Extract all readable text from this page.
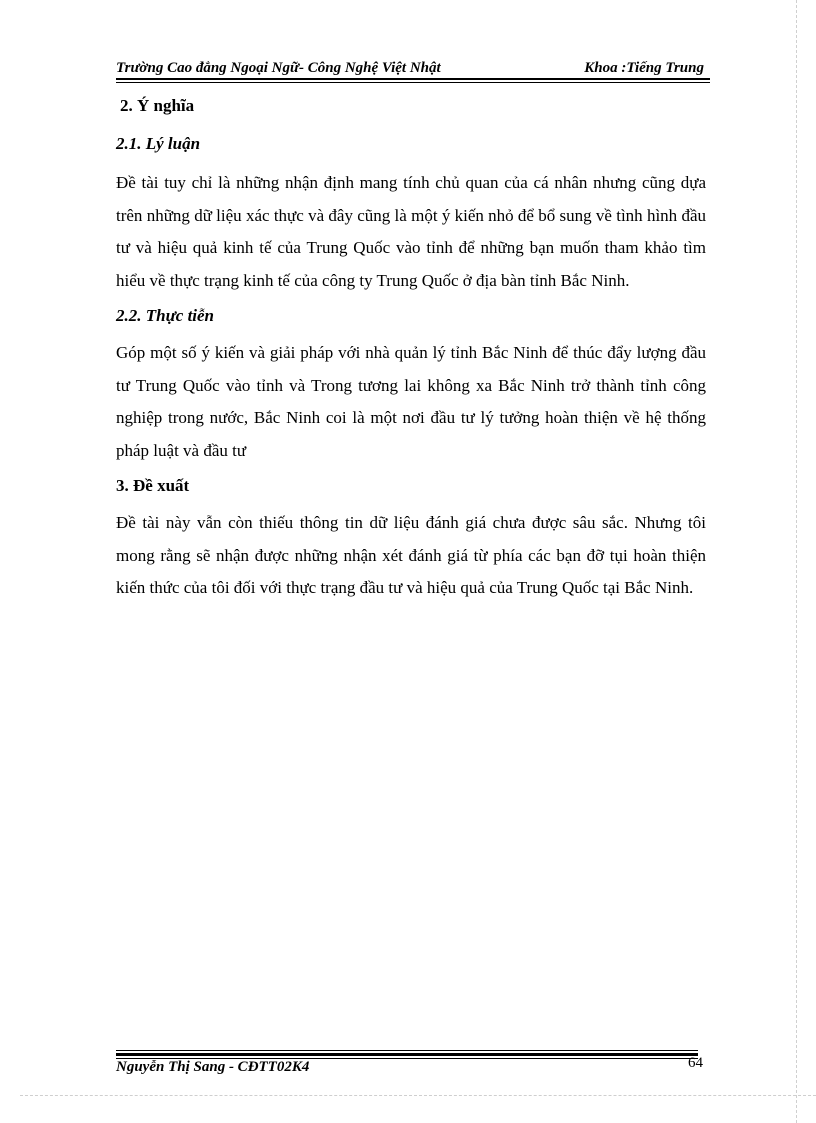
Trường Cao đẳng Ngoại Ngữ- Công Nghệ Việt Nhật	Khoa :Tiếng Trung

2. Ý nghĩa

2.1. Lý luận

Đề tài tuy chỉ là những nhận định mang tính chủ quan của cá nhân nhưng cũng dựa trên những dữ liệu xác thực và đây cũng là một ý kiến nhỏ để bổ sung về tình hình đầu tư và hiệu quả kinh tế của Trung Quốc vào tỉnh để những bạn muốn tham khảo tìm hiểu về thực trạng kinh tế của công ty Trung Quốc ở địa bàn tỉnh Bắc Ninh.

2.2. Thực tiễn

Góp một số ý kiến và giải pháp với nhà quản lý tỉnh Bắc Ninh để thúc đẩy lượng đầu tư Trung Quốc vào tỉnh và Trong tương lai không xa Bắc Ninh trở thành tỉnh công nghiệp trong nước, Bắc Ninh coi là một nơi đầu tư lý tưởng hoàn thiện về hệ thống pháp luật và đầu tư

3. Đề xuất

Đề tài này vẫn còn thiếu thông tin dữ liệu đánh giá chưa được sâu sắc. Nhưng tôi mong rằng sẽ nhận được những nhận xét đánh giá từ phía các bạn đỡ tụi hoàn thiện kiến thức của tôi đối với thực trạng đầu tư và hiệu quả của Trung Quốc tại Bắc Ninh.

Nguyễn Thị Sang - CĐTT02K4	64
